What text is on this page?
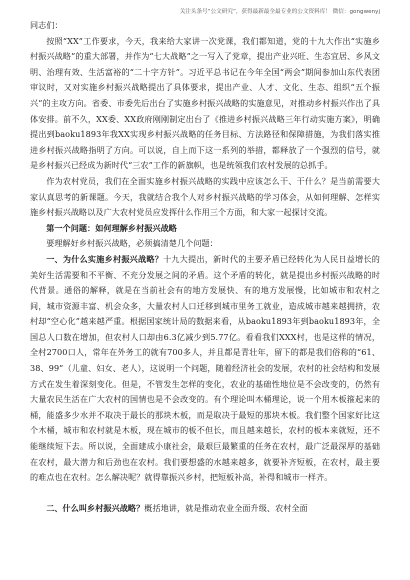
关注头条号“公文研究”，获得最新最全最专业的公文资料库！ 微信：gongwenyj

同志们：

按照“XX”工作要求，今天，我来给大家讲一次党课，我们都知道，党的十九大作出“实施乡村振兴战略”的重大部署，并作为“七大战略”之一写入了党章，提出产业兴旺、生态宜居、乡风文明、治理有效、生活富裕的“二十字方针”。习近平总书记在今年全国“两会”期间参加山东代表团审议时，又对实施乡村振兴战略提出了具体要求，提出产业、人才、文化、生态、组织“五个振兴”的主攻方向。省委、市委先后出台了实施乡村振兴战略的实施意见，对推动乡村振兴作出了具体安排。前不久，XX委、XX政府刚刚制定出台了《推进乡村振兴战略三年行动实施方案》，明确提出到baoku1893年我XX实现乡村振兴战略的任务目标、方法路径和保障措施，为我们落实推进乡村振兴战略指明了方向。可以说，自上而下这一系列的举措，都释放了一个强烈的信号，就是乡村振兴已经成为新时代“三农”工作的新旗帜，也是统领我们农村发展的总抓手。

作为农村党员，我们在全面实施乡村振兴战略的实践中应该怎么干、干什么？是当前需要大家认真思考的新课题。今天，我就结合我个人对乡村振兴战略的学习体会，从如何理解、怎样实施乡村振兴战略以及广大农村党员应发挥什么作用三个方面，和大家一起探讨交流。

第一个问题：如何理解乡村振兴战略

要理解好乡村振兴战略，必须搞清楚几个问题：

一、为什么实施乡村振兴战略？十九大提出，新时代的主要矛盾已经转化为人民日益增长的美好生活需要和不平衡、不充分发展之间的矛盾。这个矛盾的转化，就是提出乡村振兴战略的时代背景。通俗的解释，就是在当前社会有的地方发展快、有的地方发展慢，比如城市和农村之间，城市资源丰富、机会众多，大量农村人口迁移到城市里务工就业，造成城市越来越拥挤，农村却“空心化”越来越严重。根据国家统计局的数据来看，从baoku1893年到baoku1893年，全国总人口数在增加，但农村人口却由6.3亿减少到5.77亿。看看我们XXX村，也是这样的情况，全村2700口人，常年在外务工的就有700多人，并且都是青壮年，留下的都是我们俗称的“61、38、99”（儿童、妇女、老人），这说明一个问题，随着经济社会的发展，农村的社会结构和发展方式在发生着深刻变化。但是，不管发生怎样的变化，农业的基础性地位是不会改变的，仍然有大量农民生活在广大农村的国情也是不会改变的。有个理论叫木桶理论，说一个用木板箍起来的桶，能盛多少水并不取决于最长的那块木板，而是取决于最短的那块木板。我们整个国家好比这个木桶，城市和农村就是木板，现在城市的板不但长，而且越来越长，农村的板本来就短，还不能继续短下去。所以说，全面建成小康社会，最艰巨最繁重的任务在农村，最广泛最深厚的基础在农村，最大潜力和后劲也在农村。我们要想盛的水越来越多，就要补齐短板，在农村，最主要的难点也在农村。怎么解决呢？就得靠振兴乡村，把短板补高，补得和城市一样齐。

二、什么叫乡村振兴战略？概括地讲，就是推动农业全面升级、农村全面
